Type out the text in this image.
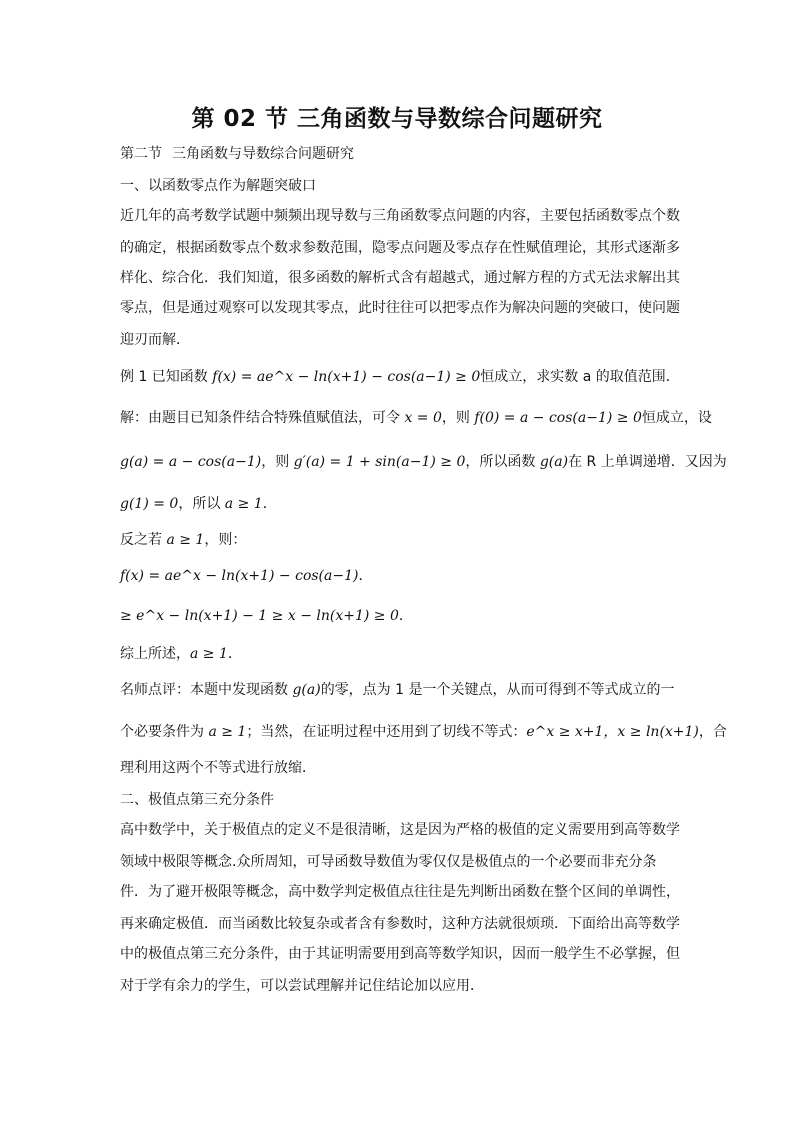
第 02 节 三角函数与导数综合问题研究
第二节 三角函数与导数综合问题研究
一、以函数零点作为解题突破口
近几年的高考数学试题中频频出现导数与三角函数零点问题的内容，主要包括函数零点个数
的确定，根据函数零点个数求参数范围，隐零点问题及零点存在性赋值理论，其形式逐渐多
样化、综合化．我们知道，很多函数的解析式含有超越式，通过解方程的方式无法求解出其
零点，但是通过观察可以发现其零点，此时往往可以把零点作为解决问题的突破口，使问题
迎刃而解．
例 1 已知函数 f(x) = ae^x − ln(x+1) − cos(a−1) ≥ 0恒成立，求实数 a 的取值范围．
解：由题目已知条件结合特殊值赋值法，可令 x = 0，则 f(0) = a − cos(a−1) ≥ 0恒成立，设
g(a) = a − cos(a−1)，则 g′(a) = 1 + sin(a−1) ≥ 0，所以函数 g(a)在 R 上单调递增．又因为
g(1) = 0，所以 a ≥ 1．
反之若 a ≥ 1，则：
f(x) = ae^x − ln(x+1) − cos(a−1)．
≥ e^x − ln(x+1) − 1 ≥ x − ln(x+1) ≥ 0．
综上所述，a ≥ 1．
名师点评：本题中发现函数 g(a)的零，点为 1 是一个关键点，从而可得到不等式成立的一
个必要条件为 a ≥ 1；当然，在证明过程中还用到了切线不等式：e^x ≥ x+1，x ≥ ln(x+1)，合
理利用这两个不等式进行放缩．
二、极值点第三充分条件
高中数学中，关于极值点的定义不是很清晰，这是因为严格的极值的定义需要用到高等数学
领域中极限等概念.众所周知，可导函数导数值为零仅仅是极值点的一个必要而非充分条
件．为了避开极限等概念，高中数学判定极值点往往是先判断出函数在整个区间的单调性，
再来确定极值．而当函数比较复杂或者含有参数时，这种方法就很烦琐．下面给出高等数学
中的极值点第三充分条件，由于其证明需要用到高等数学知识，因而一般学生不必掌握，但
对于学有余力的学生，可以尝试理解并记住结论加以应用．
